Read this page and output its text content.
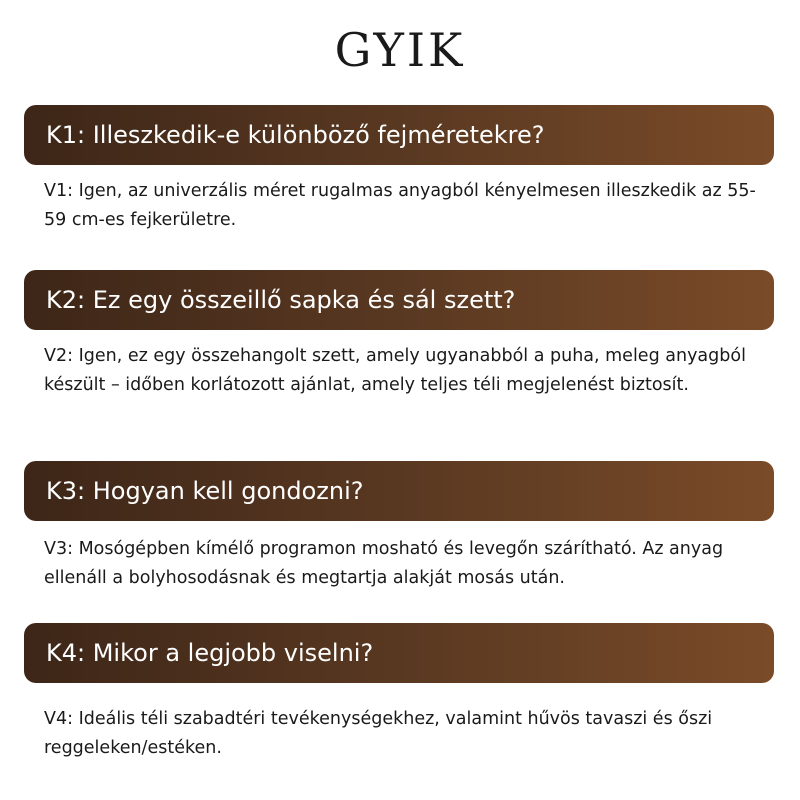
GYIK
K1: Illeszkedik-e különböző fejméretekre?
V1: Igen, az univerzális méret rugalmas anyagból kényelmesen illeszkedik az 55-59 cm-es fejkerületre.
K2: Ez egy összeillő sapka és sál szett?
V2: Igen, ez egy összehangolt szett, amely ugyanabból a puha, meleg anyagból készült – időben korlátozott ajánlat, amely teljes téli megjelenést biztosít.
K3: Hogyan kell gondozni?
V3: Mosógépben kímélő programon mosható és levegőn szárítható. Az anyag ellenáll a bolyhosodásnak és megtartja alakját mosás után.
K4: Mikor a legjobb viselni?
V4: Ideális téli szabadtéri tevékenységekhez, valamint hűvös tavaszi és őszi reggeleken/estéken.
